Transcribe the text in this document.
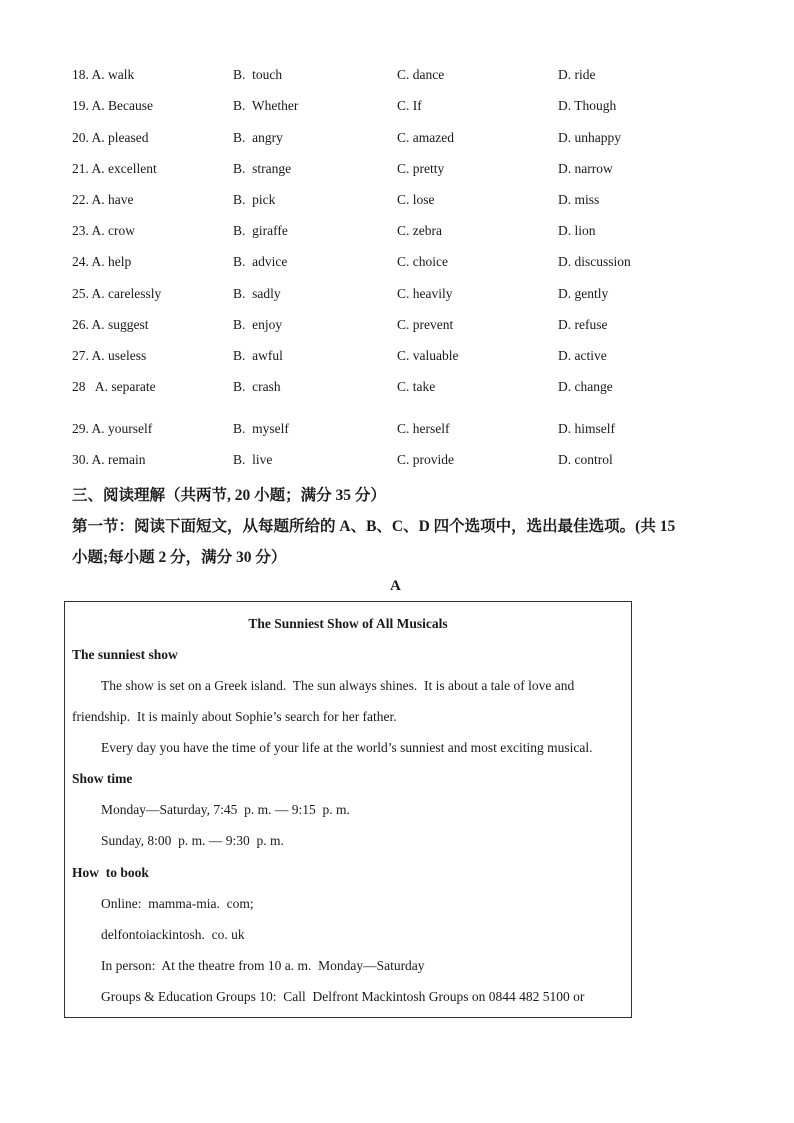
18. A. walk	B.  touch	C. dance	D. ride
19. A. Because	B.  Whether	C. If	D. Though
20. A. pleased	B.  angry	C. amazed	D. unhappy
21. A. excellent	B.  strange	C. pretty	D. narrow
22. A. have	B.  pick	C. lose	D. miss
23. A. crow	B.  giraffe	C. zebra	D. lion
24. A. help	B.  advice	C. choice	D. discussion
25. A. carelessly	B.  sadly	C. heavily	D. gently
26. A. suggest	B.  enjoy	C. prevent	D. refuse
27. A. useless	B.  awful	C. valuable	D. active
28   A. separate	B.  crash	C. take	D. change
29. A. yourself	B.  myself	C. herself	D. himself
30. A. remain	B.  live	C. provide	D. control
三、阅读理解（共两节, 20 小题；满分 35 分）
第一节：阅读下面短文，从每题所给的 A、B、C、D 四个选项中，选出最佳选项。(共 15
小题;每小题 2 分，满分 30 分）
A
The Sunniest Show of All Musicals
The sunniest show
The show is set on a Greek island.  The sun always shines.  It is about a tale of love and
friendship.  It is mainly about Sophie’s search for her father.
Every day you have the time of your life at the world’s sunniest and most exciting musical.
Show time
Monday—Saturday, 7:45  p. m. — 9:15  p. m.
Sunday, 8:00  p. m. — 9:30  p. m.
How  to book
Online:  mamma-mia.  com;
delfontoiackintosh.  co. uk
In person:  At the theatre from 10 a. m.  Monday—Saturday
Groups & Education Groups 10:  Call  Delfront Mackintosh Groups on 0844 482 5100 or
